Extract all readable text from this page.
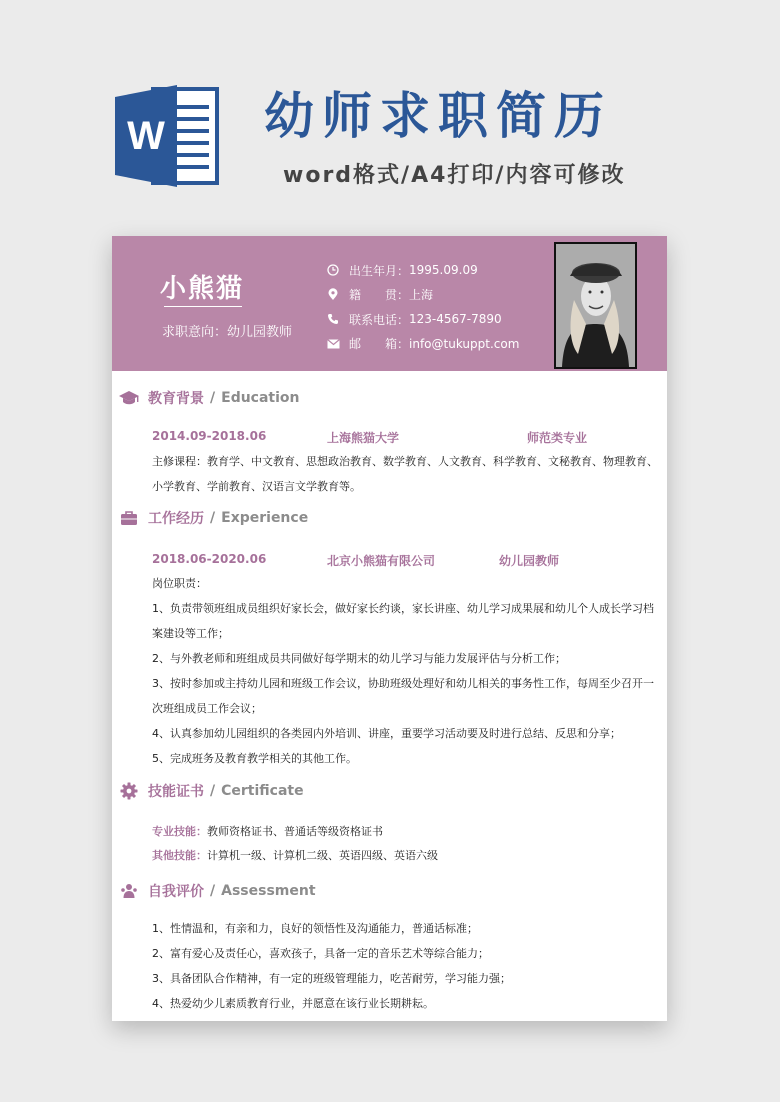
W 幼师求职简历
word格式/A4打印/内容可修改
小熊猫
求职意向：幼儿园教师
出生年月： 1995.09.09
籍　　贯： 上海
联系电话： 123-4567-7890
邮　　箱： info@tukuppt.com
教育背景 / Education
2014.09-2018.06	上海熊猫大学	师范类专业
主修课程：教育学、中文教育、思想政治教育、数学教育、人文教育、科学教育、文秘教育、物理教育、
小学教育、学前教育、汉语言文学教育等。
工作经历 / Experience
2018.06-2020.06	北京小熊猫有限公司	幼儿园教师
岗位职责：
1、负责带领班组成员组织好家长会，做好家长约谈，家长讲座、幼儿学习成果展和幼儿个人成长学习档
案建设等工作；
2、与外教老师和班组成员共同做好每学期末的幼儿学习与能力发展评估与分析工作；
3、按时参加或主持幼儿园和班级工作会议，协助班级处理好和幼儿相关的事务性工作，每周至少召开一
次班组成员工作会议；
4、认真参加幼儿园组织的各类园内外培训、讲座，重要学习活动要及时进行总结、反思和分享；
5、完成班务及教育教学相关的其他工作。
技能证书 / Certificate
专业技能：教师资格证书、普通话等级资格证书
其他技能：计算机一级、计算机二级、英语四级、英语六级
自我评价 / Assessment
1、性情温和，有亲和力，良好的领悟性及沟通能力，普通话标准；
2、富有爱心及责任心，喜欢孩子，具备一定的音乐艺术等综合能力；
3、具备团队合作精神，有一定的班级管理能力，吃苦耐劳，学习能力强；
4、热爱幼少儿素质教育行业，并愿意在该行业长期耕耘。
